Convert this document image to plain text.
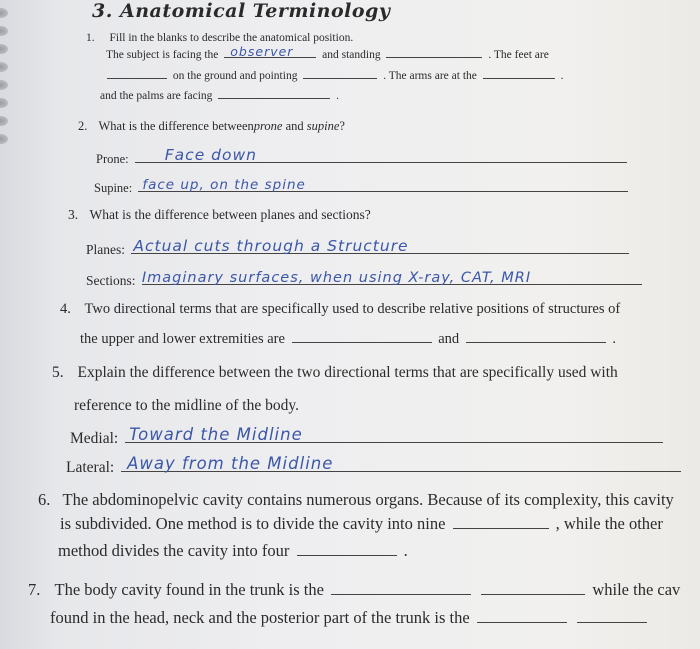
3. Anatomical Terminology
1. Fill in the blanks to describe the anatomical position.
The subject is facing the observer and standing	. The feet are
on the ground and pointing	. The arms are at the	.
and the palms are facing	.
2. What is the difference betweenprone and supine?
Prone: Face down
Supine: face up, on the spine
3. What is the difference between planes and sections?
Planes: Actual cuts through a Structure
Sections: Imaginary surfaces, when using X-ray, CAT, MRI
4. Two directional terms that are specifically used to describe relative positions of structures of
the upper and lower extremities are	and	.
5. Explain the difference between the two directional terms that are specifically used with
reference to the midline of the body.
Medial: Toward the Midline
Lateral: Away from the Midline
6. The abdominopelvic cavity contains numerous organs. Because of its complexity, this cavity
is subdivided. One method is to divide the cavity into nine	, while the other
method divides the cavity into four	.
7. The body cavity found in the trunk is the	while the cav
found in the head, neck and the posterior part of the trunk is the
